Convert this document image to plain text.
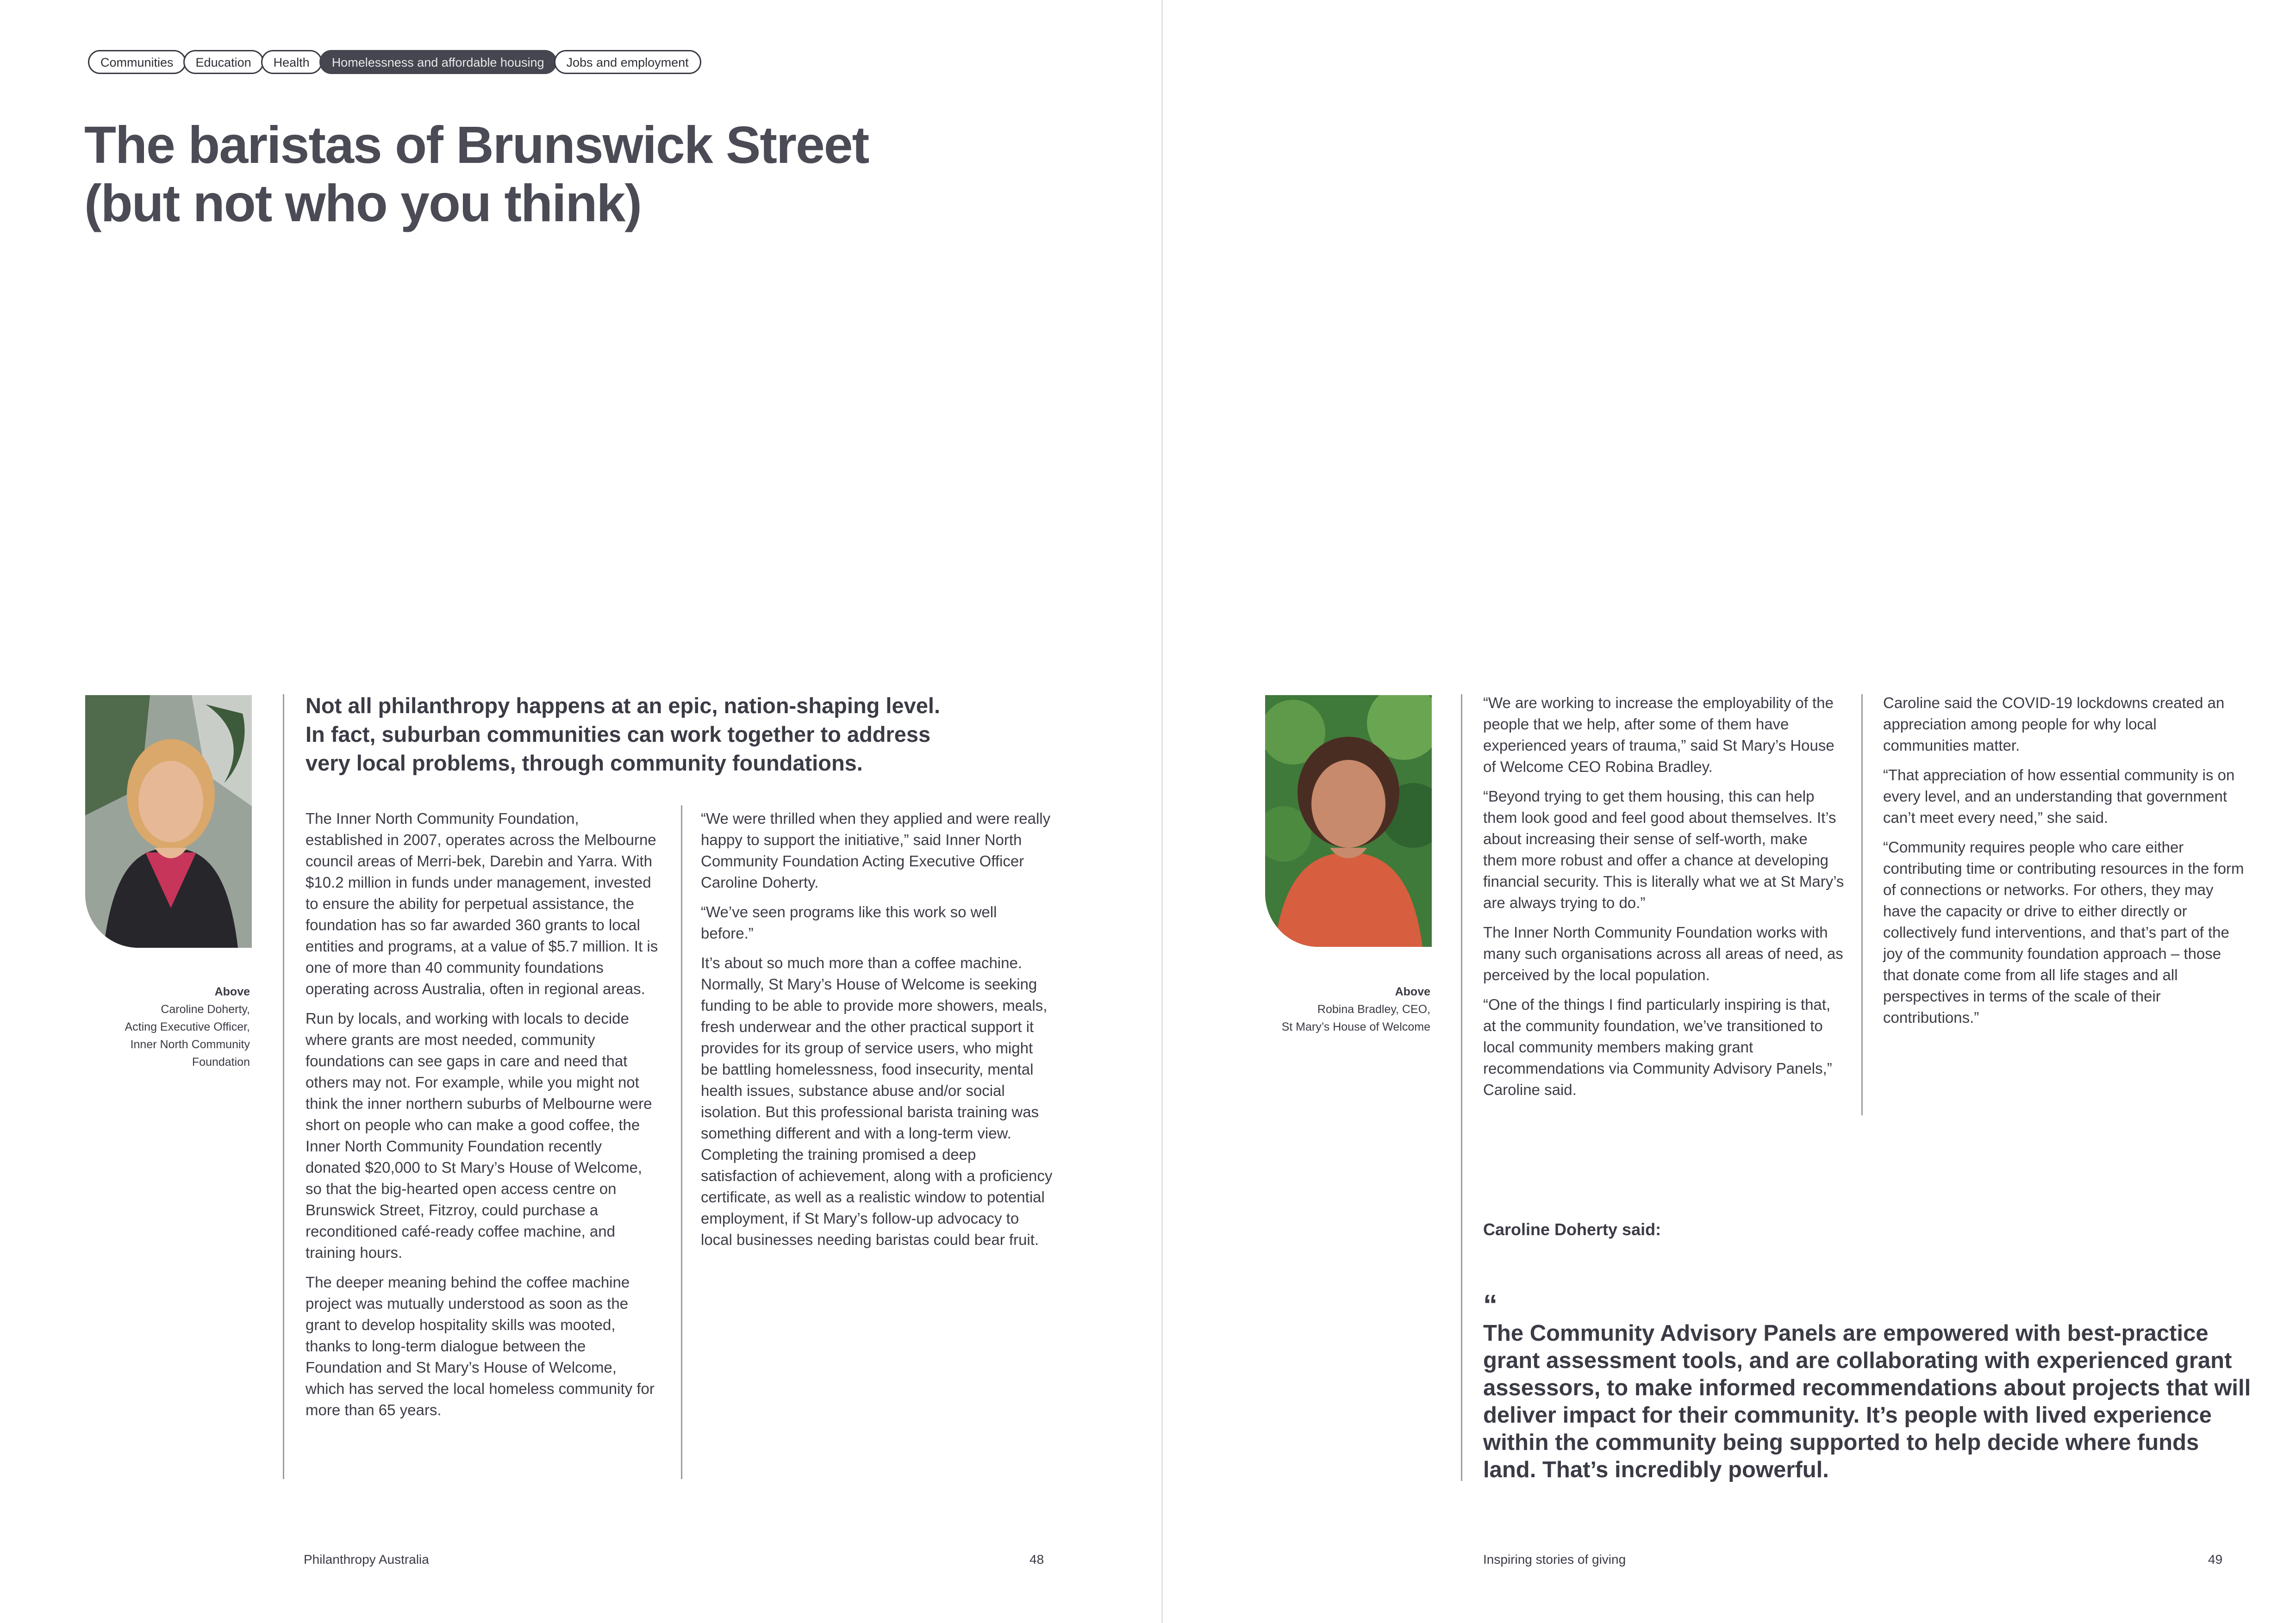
Communities	Education	Health	Homelessness and affordable housing	Jobs and employment
The baristas of Brunswick Street
(but not who you think)
Above
Caroline Doherty,
Acting Executive Officer,
Inner North Community
Foundation
Not all philanthropy happens at an epic, nation-shaping level. In fact, suburban communities can work together to address very local problems, through community foundations.

The Inner North Community Foundation, established in 2007, operates across the Melbourne council areas of Merri-bek, Darebin and Yarra. With $10.2 million in funds under management, invested to ensure the ability for perpetual assistance, the foundation has so far awarded 360 grants to local entities and programs, at a value of $5.7 million. It is one of more than 40 community foundations operating across Australia, often in regional areas.

Run by locals, and working with locals to decide where grants are most needed, community foundations can see gaps in care and need that others may not. For example, while you might not think the inner northern suburbs of Melbourne were short on people who can make a good coffee, the Inner North Community Foundation recently donated $20,000 to St Mary’s House of Welcome, so that the big-hearted open access centre on Brunswick Street, Fitzroy, could purchase a reconditioned café-ready coffee machine, and training hours.

The deeper meaning behind the coffee machine project was mutually understood as soon as the grant to develop hospitality skills was mooted, thanks to long-term dialogue between the Foundation and St Mary’s House of Welcome, which has served the local homeless community for more than 65 years.

“We were thrilled when they applied and were really happy to support the initiative,” said Inner North Community Foundation Acting Executive Officer Caroline Doherty.

“We’ve seen programs like this work so well before.”

It’s about so much more than a coffee machine. Normally, St Mary’s House of Welcome is seeking funding to be able to provide more showers, meals, fresh underwear and the other practical support it provides for its group of service users, who might be battling homelessness, food insecurity, mental health issues, substance abuse and/or social isolation. But this professional barista training was something different and with a long-term view. Completing the training promised a deep satisfaction of achievement, along with a proficiency certificate, as well as a realistic window to potential employment, if St Mary’s follow-up advocacy to local businesses needing baristas could bear fruit.

Philanthropy Australia	48
Above
Robina Bradley, CEO,
St Mary’s House of Welcome

“We are working to increase the employability of the people that we help, after some of them have experienced years of trauma,” said St Mary’s House of Welcome CEO Robina Bradley.

“Beyond trying to get them housing, this can help them look good and feel good about themselves. It’s about increasing their sense of self-worth, make them more robust and offer a chance at developing financial security. This is literally what we at St Mary’s are always trying to do.”

The Inner North Community Foundation works with many such organisations across all areas of need, as perceived by the local population.

“One of the things I find particularly inspiring is that, at the community foundation, we’ve transitioned to local community members making grant recommendations via Community Advisory Panels,” Caroline said.

Caroline said the COVID-19 lockdowns created an appreciation among people for why local communities matter.

“That appreciation of how essential community is on every level, and an understanding that government can’t meet every need,” she said.

“Community requires people who care either contributing time or contributing resources in the form of connections or networks. For others, they may have the capacity or drive to either directly or collectively fund interventions, and that’s part of the joy of the community foundation approach – those that donate come from all life stages and all perspectives in terms of the scale of their contributions.”

Caroline Doherty said:
“
The Community Advisory Panels are empowered with best-practice grant assessment tools, and are collaborating with experienced grant assessors, to make informed recommendations about projects that will deliver impact for their community. It’s people with lived experience within the community being supported to help decide where funds land. That’s incredibly powerful.
Inspiring stories of giving	49
